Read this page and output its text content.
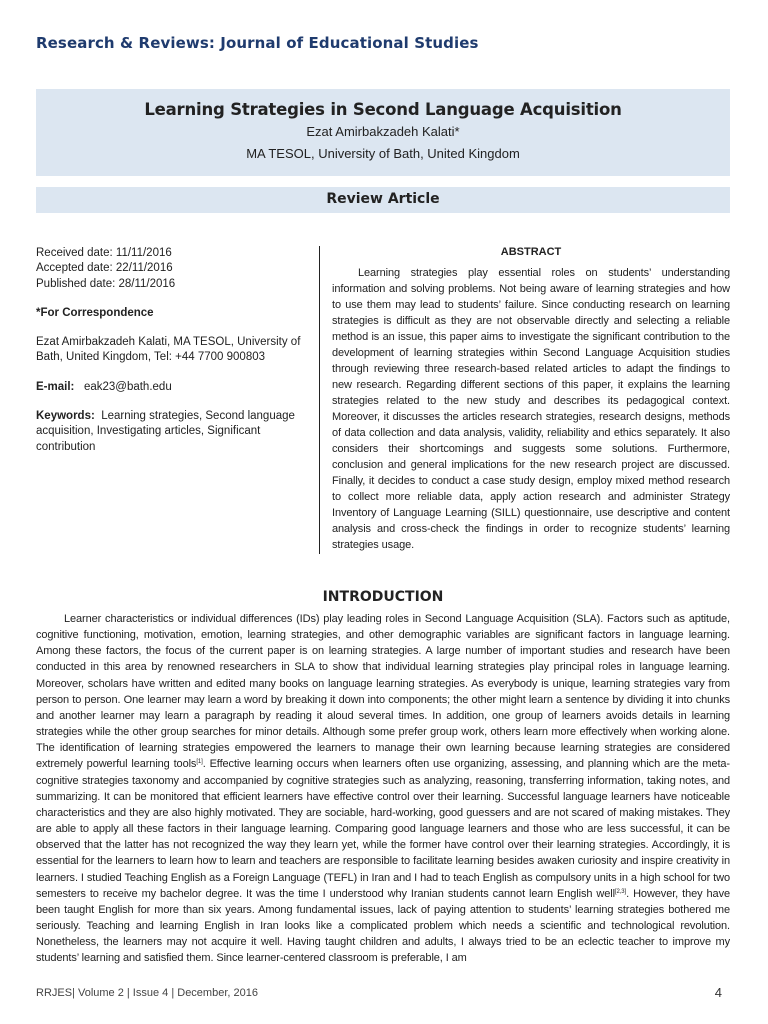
Research & Reviews: Journal of Educational Studies
Learning Strategies in Second Language Acquisition
Ezat Amirbakzadeh Kalati*
MA TESOL, University of Bath, United Kingdom
Review Article
Received date: 11/11/2016
Accepted date: 22/11/2016
Published date: 28/11/2016
*For Correspondence
Ezat Amirbakzadeh Kalati, MA TESOL, University of Bath, United Kingdom, Tel: +44 7700 900803
E-mail: eak23@bath.edu
Keywords: Learning strategies, Second language acquisition, Investigating articles, Significant contribution
ABSTRACT
Learning strategies play essential roles on students’ understanding information and solving problems. Not being aware of learning strategies and how to use them may lead to students’ failure. Since conducting research on learning strategies is difficult as they are not observable directly and selecting a reliable method is an issue, this paper aims to investigate the significant contribution to the development of learning strategies within Second Language Acquisition studies through reviewing three research-based related articles to adapt the findings to new research. Regarding different sections of this paper, it explains the learning strategies related to the new study and describes its pedagogical context. Moreover, it discusses the articles research strategies, research designs, methods of data collection and data analysis, validity, reliability and ethics separately. It also considers their shortcomings and suggests some solutions. Furthermore, conclusion and general implications for the new research project are discussed. Finally, it decides to conduct a case study design, employ mixed method research to collect more reliable data, apply action research and administer Strategy Inventory of Language Learning (SILL) questionnaire, use descriptive and content analysis and cross-check the findings in order to recognize students’ learning strategies usage.
INTRODUCTION
Learner characteristics or individual differences (IDs) play leading roles in Second Language Acquisition (SLA). Factors such as aptitude, cognitive functioning, motivation, emotion, learning strategies, and other demographic variables are significant factors in language learning. Among these factors, the focus of the current paper is on learning strategies. A large number of important studies and research have been conducted in this area by renowned researchers in SLA to show that individual learning strategies play principal roles in language learning. Moreover, scholars have written and edited many books on language learning strategies. As everybody is unique, learning strategies vary from person to person. One learner may learn a word by breaking it down into components; the other might learn a sentence by dividing it into chunks and another learner may learn a paragraph by reading it aloud several times. In addition, one group of learners avoids details in learning strategies while the other group searches for minor details. Although some prefer group work, others learn more effectively when working alone. The identification of learning strategies empowered the learners to manage their own learning because learning strategies are considered extremely powerful learning tools[1]. Effective learning occurs when learners often use organizing, assessing, and planning which are the meta-cognitive strategies taxonomy and accompanied by cognitive strategies such as analyzing, reasoning, transferring information, taking notes, and summarizing. It can be monitored that efficient learners have effective control over their learning. Successful language learners have noticeable characteristics and they are also highly motivated. They are sociable, hard-working, good guessers and are not scared of making mistakes. They are able to apply all these factors in their language learning. Comparing good language learners and those who are less successful, it can be observed that the latter has not recognized the way they learn yet, while the former have control over their learning strategies. Accordingly, it is essential for the learners to learn how to learn and teachers are responsible to facilitate learning besides awaken curiosity and inspire creativity in learners. I studied Teaching English as a Foreign Language (TEFL) in Iran and I had to teach English as compulsory units in a high school for two semesters to receive my bachelor degree. It was the time I understood why Iranian students cannot learn English well[2,3]. However, they have been taught English for more than six years. Among fundamental issues, lack of paying attention to students’ learning strategies bothered me seriously. Teaching and learning English in Iran looks like a complicated problem which needs a scientific and technological revolution. Nonetheless, the learners may not acquire it well. Having taught children and adults, I always tried to be an eclectic teacher to improve my students’ learning and satisfied them. Since learner-centered classroom is preferable, I am
RRJES| Volume 2 | Issue 4 | December, 2016	4
